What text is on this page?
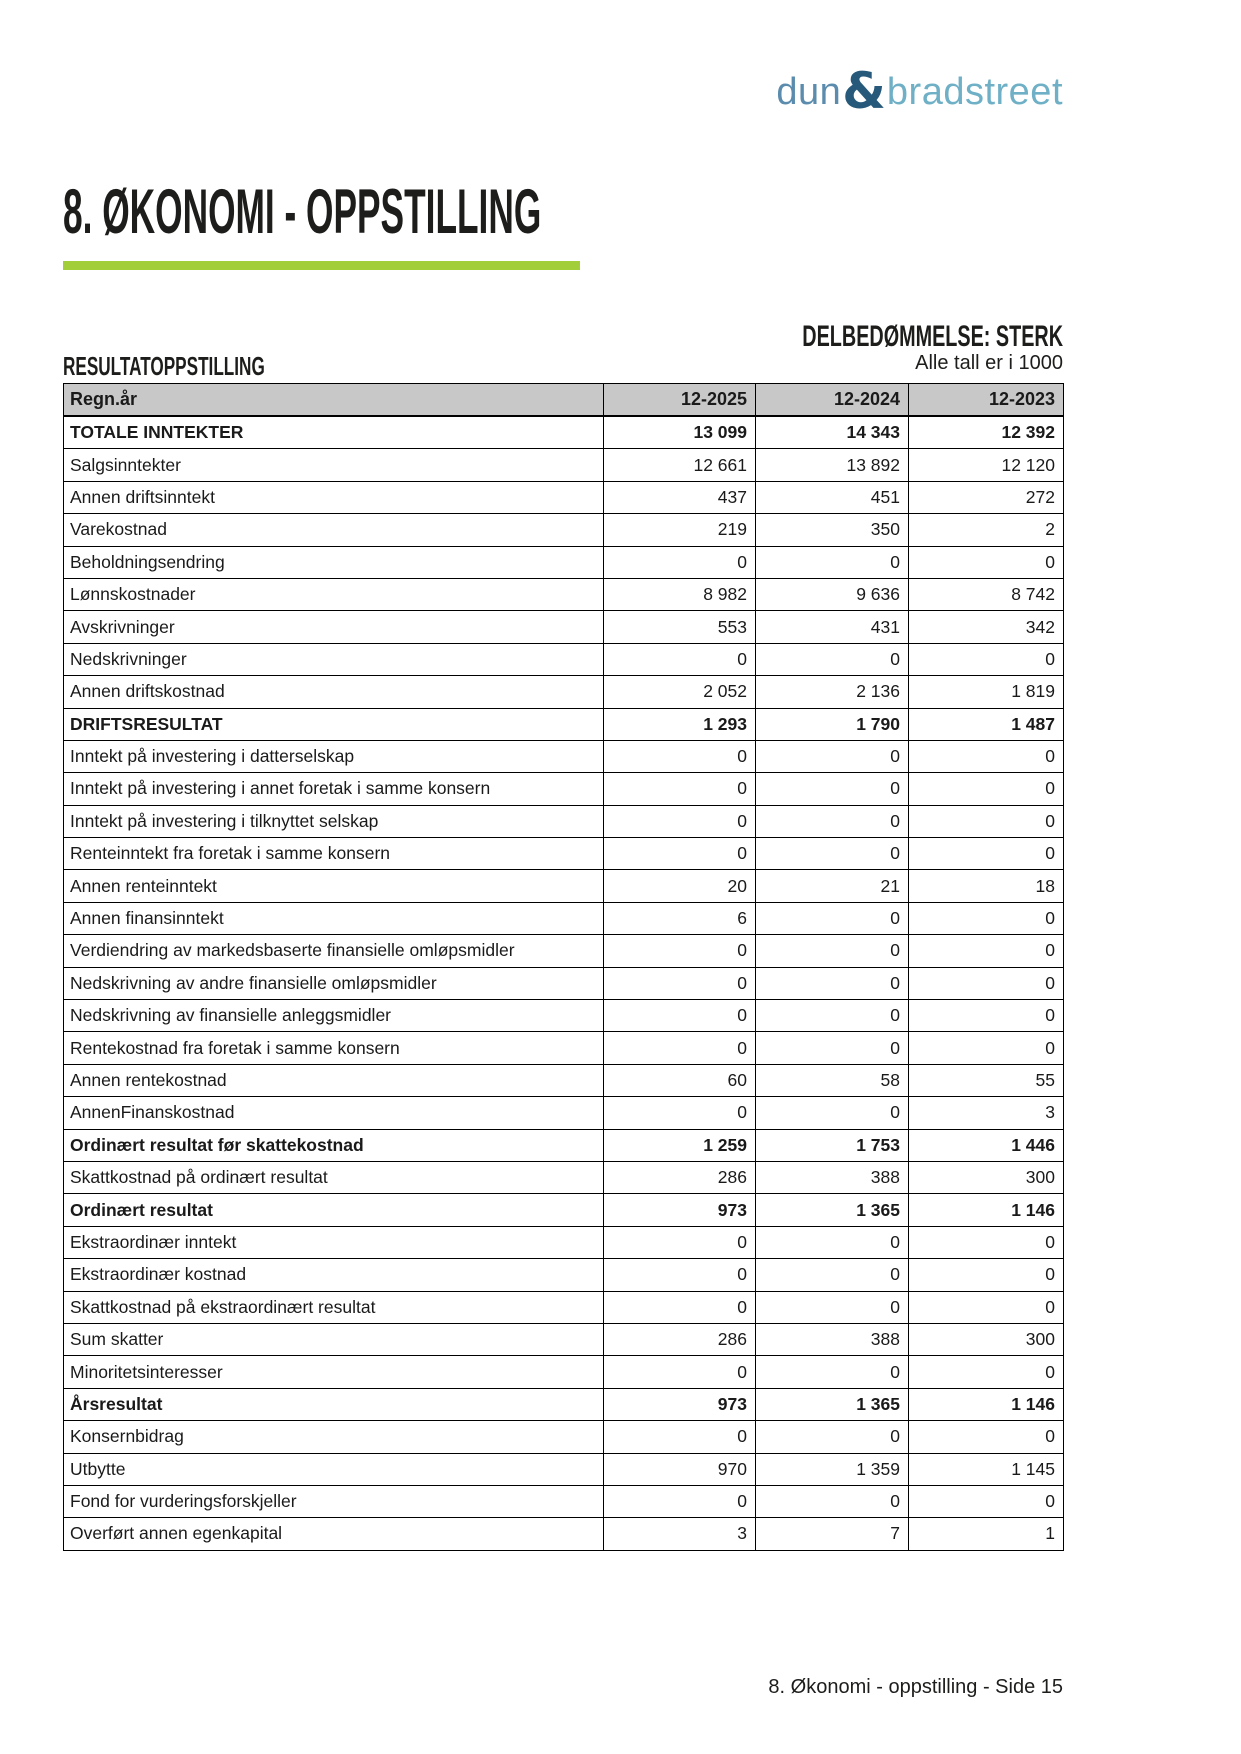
dun&bradstreet
8. ØKONOMI - OPPSTILLING
DELBEDØMMELSE: STERK
RESULTATOPPSTILLING	Alle tall er i 1000
Regn.år	12-2025	12-2024	12-2023
TOTALE INNTEKTER	13 099	14 343	12 392
Salgsinntekter	12 661	13 892	12 120
Annen driftsinntekt	437	451	272
Varekostnad	219	350	2
Beholdningsendring	0	0	0
Lønnskostnader	8 982	9 636	8 742
Avskrivninger	553	431	342
Nedskrivninger	0	0	0
Annen driftskostnad	2 052	2 136	1 819
DRIFTSRESULTAT	1 293	1 790	1 487
Inntekt på investering i datterselskap	0	0	0
Inntekt på investering i annet foretak i samme konsern	0	0	0
Inntekt på investering i tilknyttet selskap	0	0	0
Renteinntekt fra foretak i samme konsern	0	0	0
Annen renteinntekt	20	21	18
Annen finansinntekt	6	0	0
Verdiendring av markedsbaserte finansielle omløpsmidler	0	0	0
Nedskrivning av andre finansielle omløpsmidler	0	0	0
Nedskrivning av finansielle anleggsmidler	0	0	0
Rentekostnad fra foretak i samme konsern	0	0	0
Annen rentekostnad	60	58	55
AnnenFinanskostnad	0	0	3
Ordinært resultat før skattekostnad	1 259	1 753	1 446
Skattkostnad på ordinært resultat	286	388	300
Ordinært resultat	973	1 365	1 146
Ekstraordinær inntekt	0	0	0
Ekstraordinær kostnad	0	0	0
Skattkostnad på ekstraordinært resultat	0	0	0
Sum skatter	286	388	300
Minoritetsinteresser	0	0	0
Årsresultat	973	1 365	1 146
Konsernbidrag	0	0	0
Utbytte	970	1 359	1 145
Fond for vurderingsforskjeller	0	0	0
Overført annen egenkapital	3	7	1
8. Økonomi - oppstilling - Side 15
